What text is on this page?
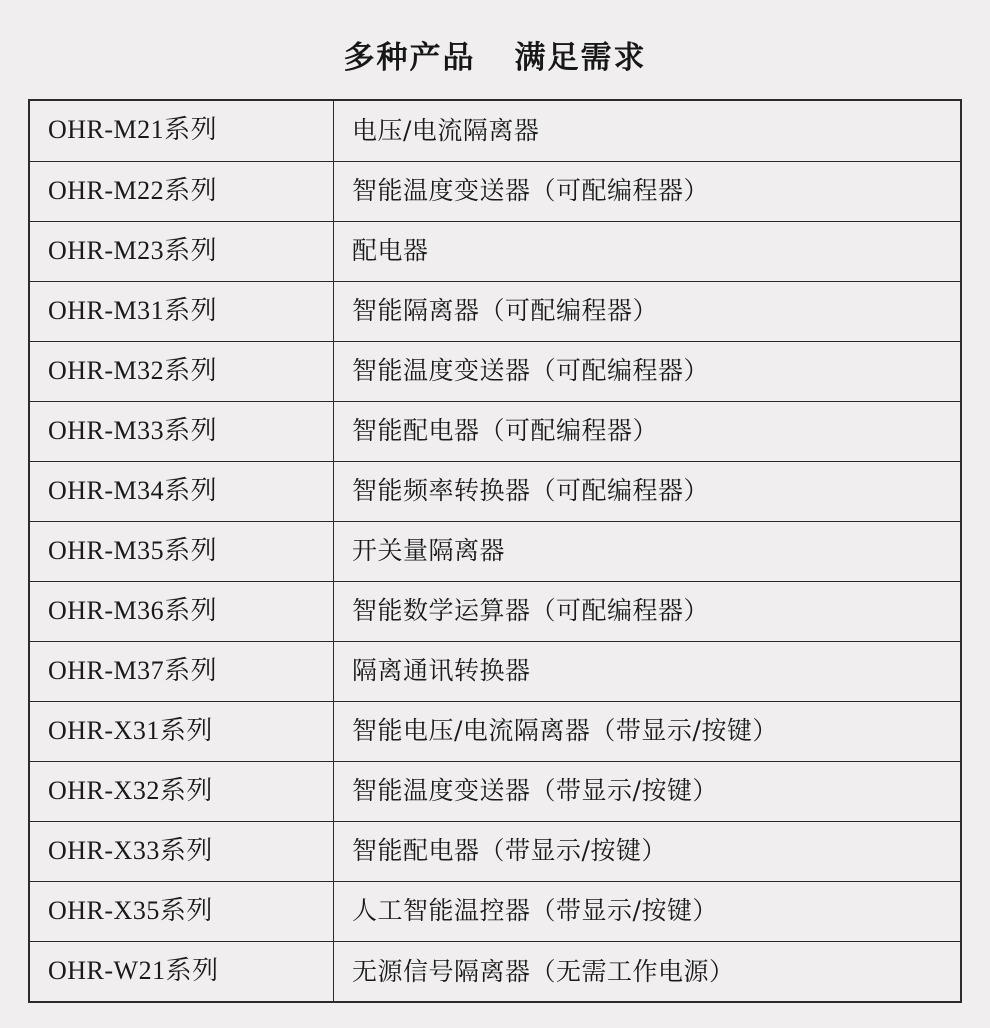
多种产品    满足需求
OHR-M21系列	电压/电流隔离器
OHR-M22系列	智能温度变送器（可配编程器）
OHR-M23系列	配电器
OHR-M31系列	智能隔离器（可配编程器）
OHR-M32系列	智能温度变送器（可配编程器）
OHR-M33系列	智能配电器（可配编程器）
OHR-M34系列	智能频率转换器（可配编程器）
OHR-M35系列	开关量隔离器
OHR-M36系列	智能数学运算器（可配编程器）
OHR-M37系列	隔离通讯转换器
OHR-X31系列	智能电压/电流隔离器（带显示/按键）
OHR-X32系列	智能温度变送器（带显示/按键）
OHR-X33系列	智能配电器（带显示/按键）
OHR-X35系列	人工智能温控器（带显示/按键）
OHR-W21系列	无源信号隔离器（无需工作电源）
